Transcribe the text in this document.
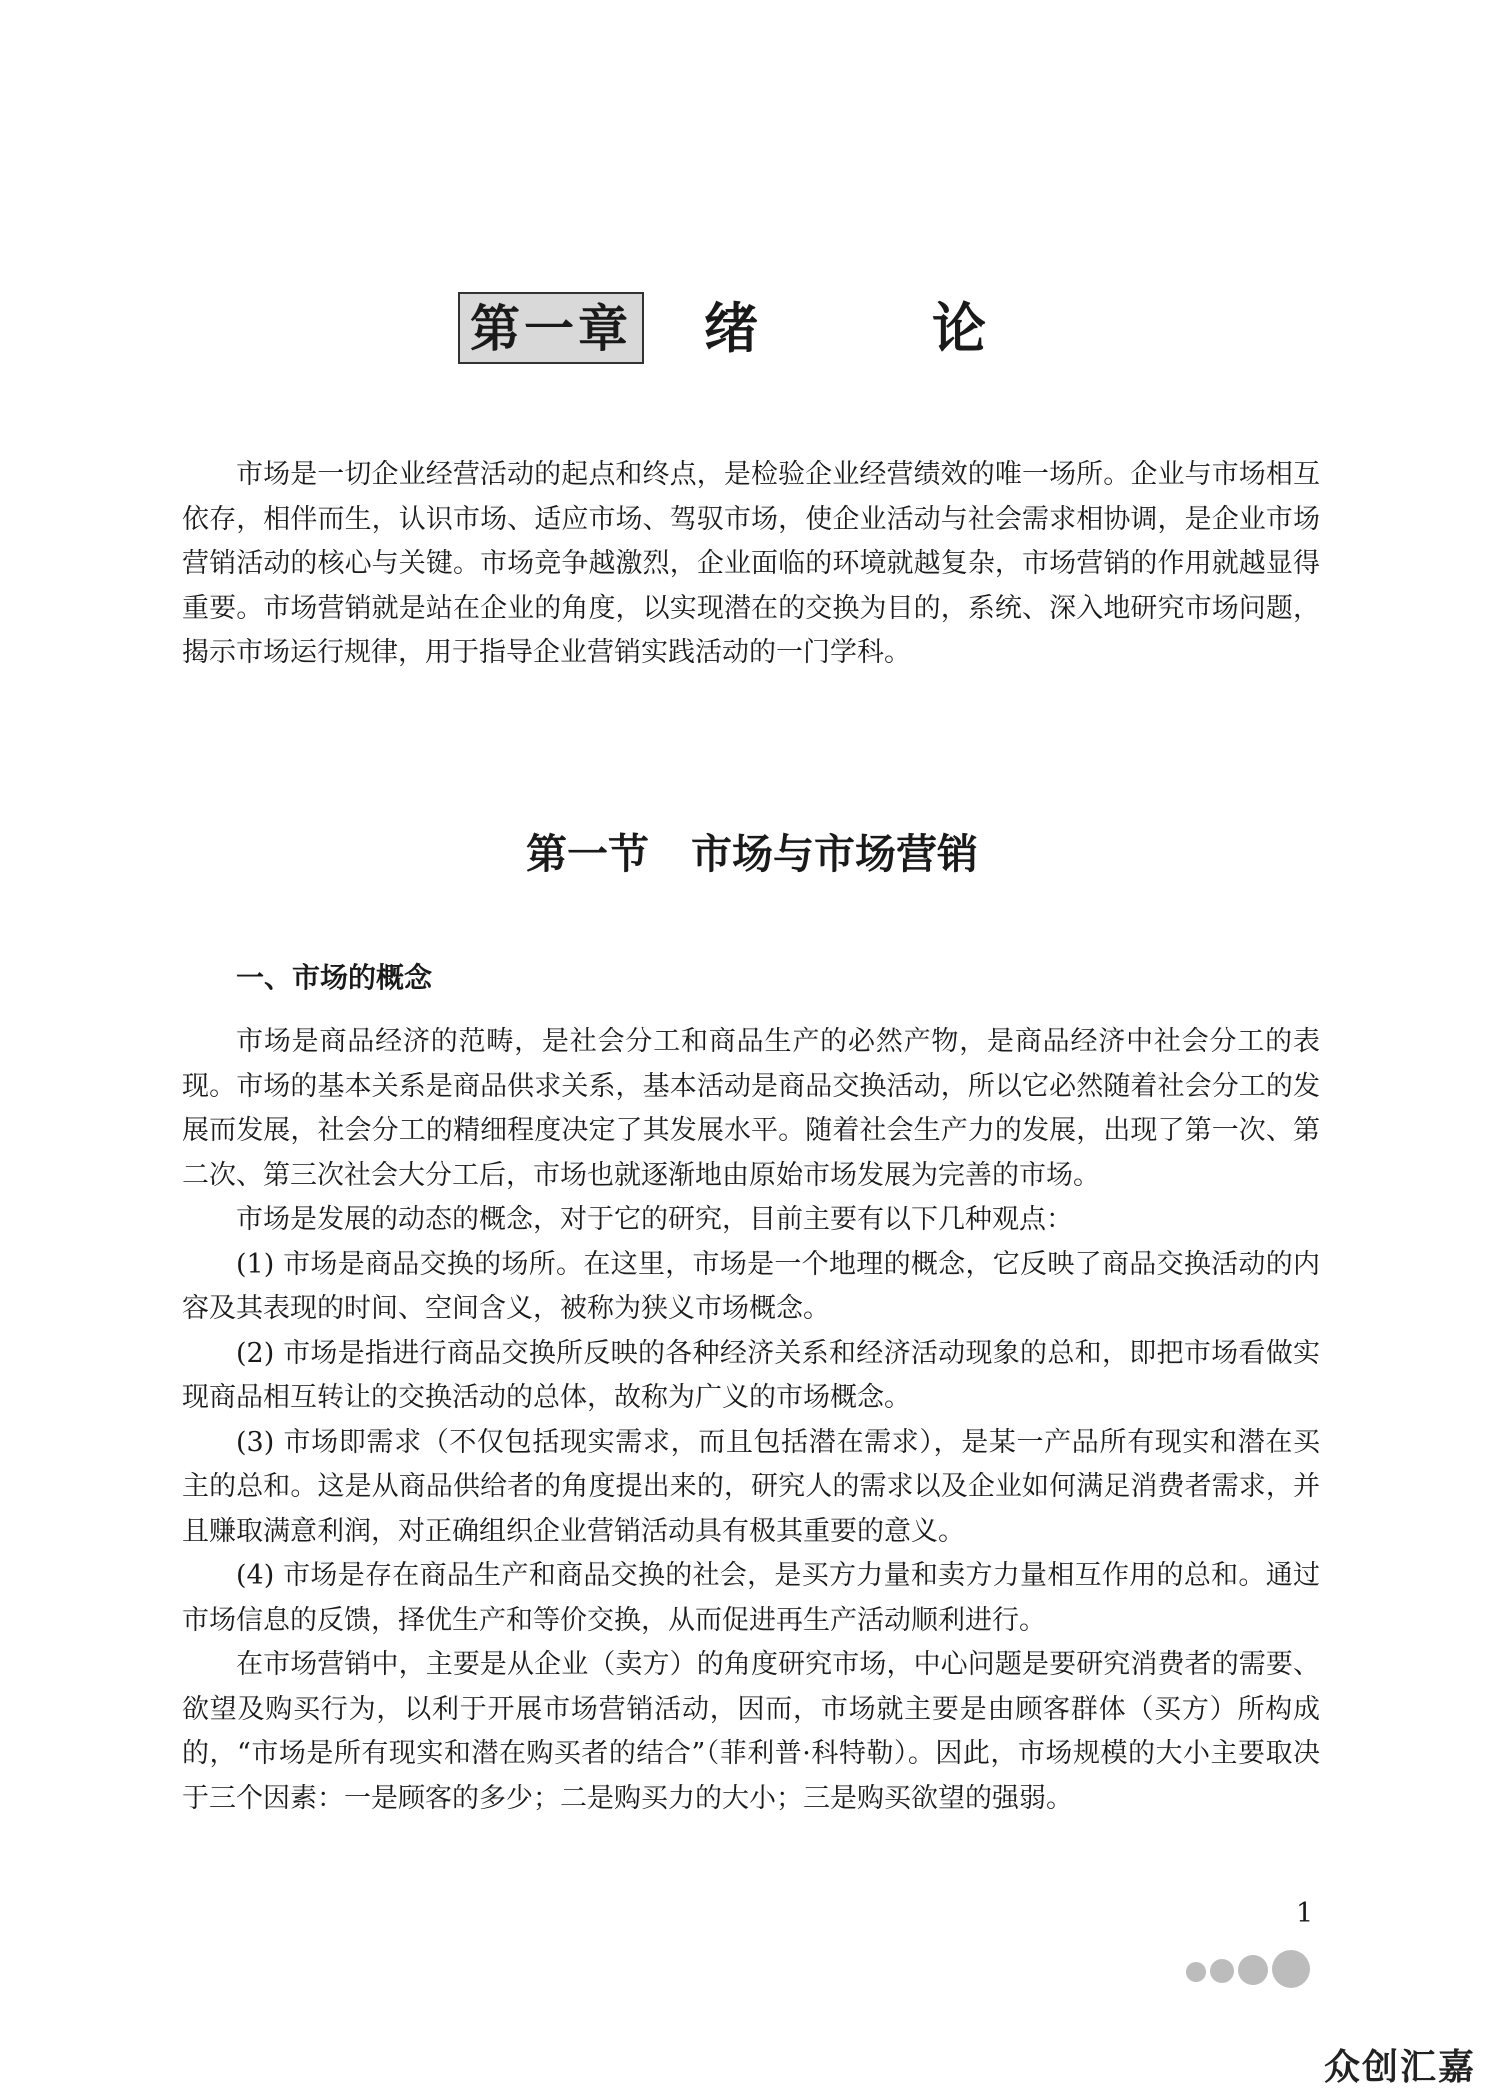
第一章 绪　论

市场是一切企业经营活动的起点和终点，是检验企业经营绩效的唯一场所。企业与市场相互依存，相伴而生，认识市场、适应市场、驾驭市场，使企业活动与社会需求相协调，是企业市场营销活动的核心与关键。市场竞争越激烈，企业面临的环境就越复杂，市场营销的作用就越显得重要。市场营销就是站在企业的角度，以实现潜在的交换为目的，系统、深入地研究市场问题，揭示市场运行规律，用于指导企业营销实践活动的一门学科。

第一节 市场与市场营销
一、市场的概念

市场是商品经济的范畴，是社会分工和商品生产的必然产物，是商品经济中社会分工的表现。市场的基本关系是商品供求关系，基本活动是商品交换活动，所以它必然随着社会分工的发展而发展，社会分工的精细程度决定了其发展水平。随着社会生产力的发展，出现了第一次、第二次、第三次社会大分工后，市场也就逐渐地由原始市场发展为完善的市场。

市场是发展的动态的概念，对于它的研究，目前主要有以下几种观点：

(1) 市场是商品交换的场所。在这里，市场是一个地理的概念，它反映了商品交换活动的内容及其表现的时间、空间含义，被称为狭义市场概念。

(2) 市场是指进行商品交换所反映的各种经济关系和经济活动现象的总和，即把市场看做实现商品相互转让的交换活动的总体，故称为广义的市场概念。

(3) 市场即需求（不仅包括现实需求，而且包括潜在需求），是某一产品所有现实和潜在买主的总和。这是从商品供给者的角度提出来的，研究人的需求以及企业如何满足消费者需求，并且赚取满意利润，对正确组织企业营销活动具有极其重要的意义。

(4) 市场是存在商品生产和商品交换的社会，是买方力量和卖方力量相互作用的总和。通过市场信息的反馈，择优生产和等价交换，从而促进再生产活动顺利进行。

在市场营销中，主要是从企业（卖方）的角度研究市场，中心问题是要研究消费者的需要、欲望及购买行为，以利于开展市场营销活动，因而，市场就主要是由顾客群体（买方）所构成的，“市场是所有现实和潜在购买者的结合”（菲利普·科特勒）。因此，市场规模的大小主要取决于三个因素：一是顾客的多少；二是购买力的大小；三是购买欲望的强弱。

1
众创汇嘉
